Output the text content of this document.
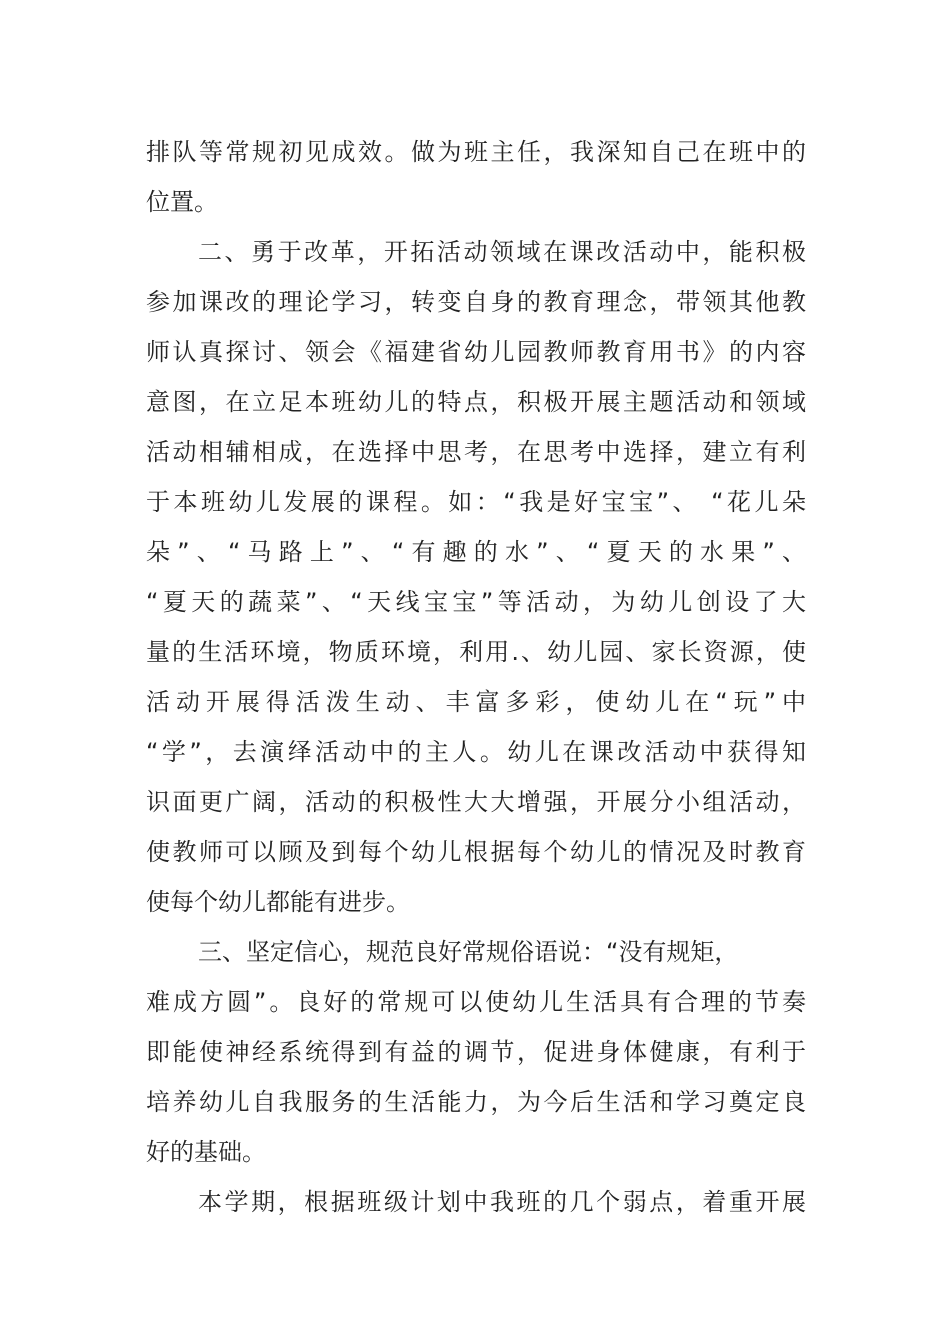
排队等常规初见成效。做为班主任，我深知自己在班中的
位置。
二、勇于改革，开拓活动领域在课改活动中，能积极
参加课改的理论学习，转变自身的教育理念，带领其他教
师认真探讨、领会《福建省幼儿园教师教育用书》的内容
意图，在立足本班幼儿的特点，积极开展主题活动和领域
活动相辅相成，在选择中思考，在思考中选择，建立有利
于本班幼儿发展的课程。如：“我是好宝宝”、 “花儿朵
朵”、“马路上”、“有趣的水”、“夏天的水果”、
“夏天的蔬菜”、“天线宝宝”等活动，为幼儿创设了大
量的生活环境，物质环境，利用.、幼儿园、家长资源，使
活动开展得活泼生动、丰富多彩，使幼儿在“玩”中
“学”，去演绎活动中的主人。幼儿在课改活动中获得知
识面更广阔，活动的积极性大大增强，开展分小组活动，
使教师可以顾及到每个幼儿根据每个幼儿的情况及时教育
使每个幼儿都能有进步。
三、坚定信心，规范良好常规俗语说：“没有规矩，
难成方圆”。良好的常规可以使幼儿生活具有合理的节奏
即能使神经系统得到有益的调节，促进身体健康，有利于
培养幼儿自我服务的生活能力，为今后生活和学习奠定良
好的基础。
本学期，根据班级计划中我班的几个弱点，着重开展
